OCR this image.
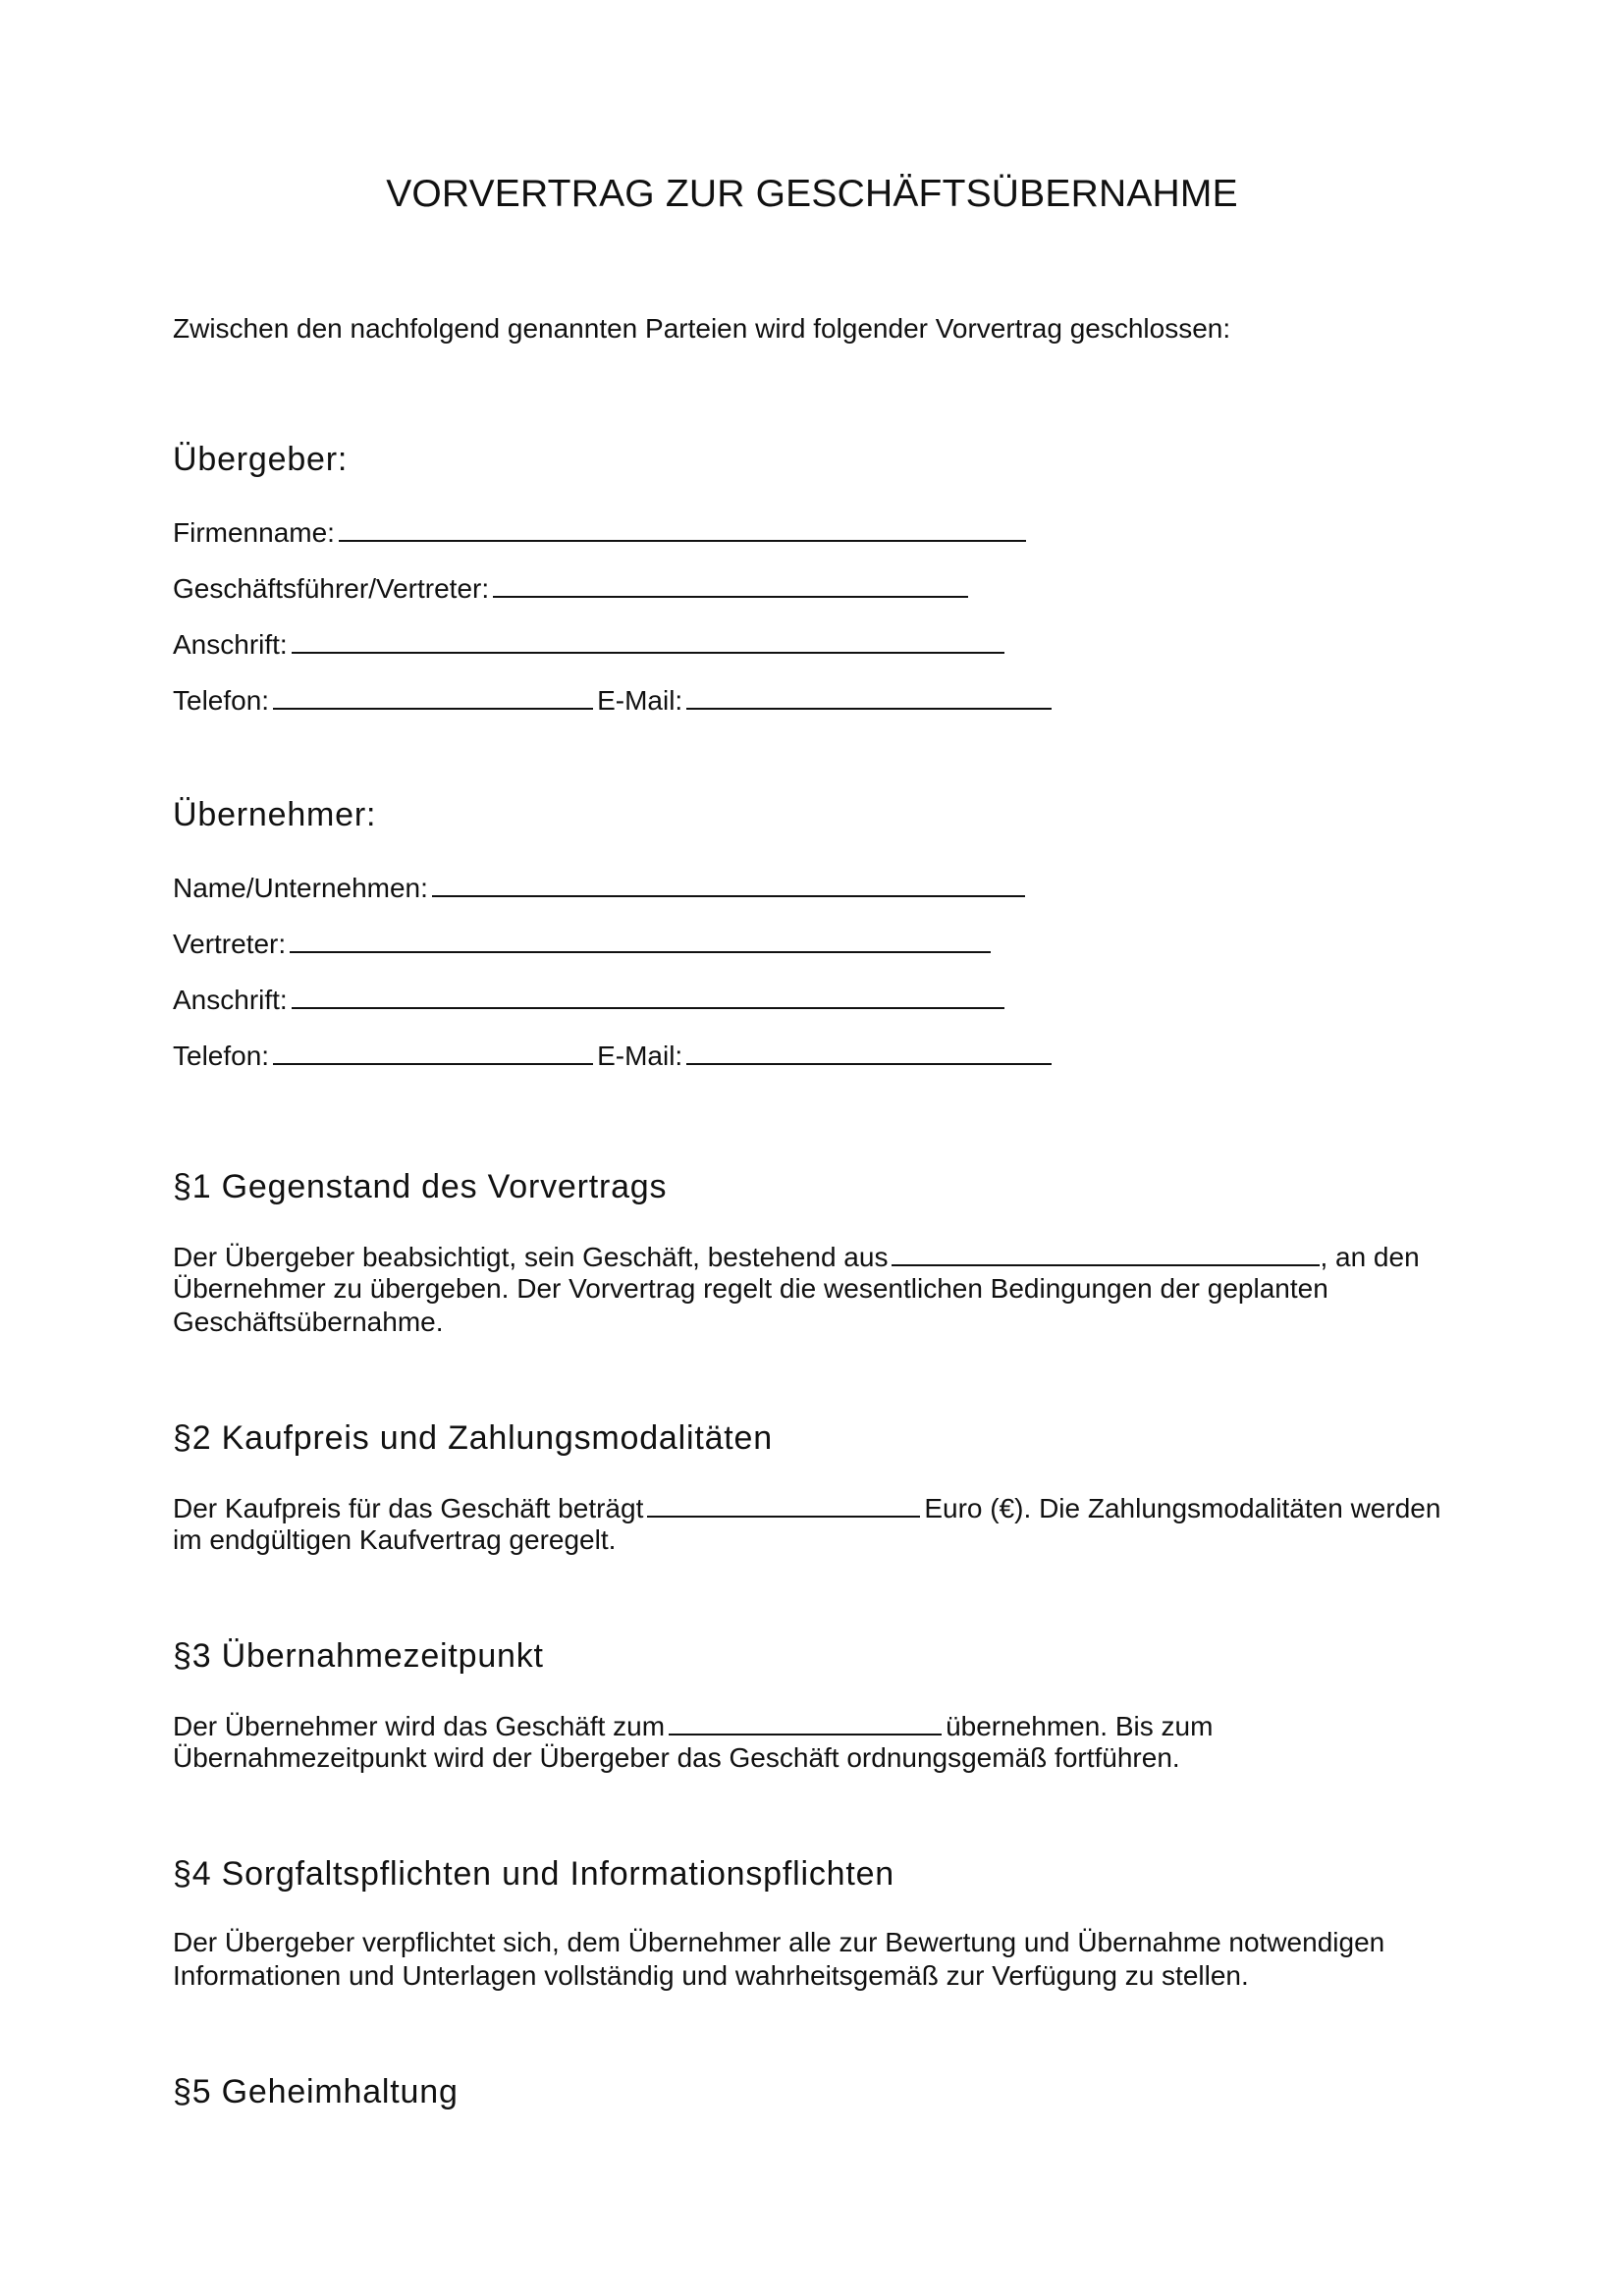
VORVERTRAG ZUR GESCHÄFTSÜBERNAHME
Zwischen den nachfolgend genannten Parteien wird folgender Vorvertrag geschlossen:
Übergeber:
Firmenname:
Geschäftsführer/Vertreter:
Anschrift:
Telefon:	E-Mail:
Übernehmer:
Name/Unternehmen:
Vertreter:
Anschrift:
Telefon:	E-Mail:
§1 Gegenstand des Vorvertrags
Der Übergeber beabsichtigt, sein Geschäft, bestehend aus	, an den
Übernehmer zu übergeben. Der Vorvertrag regelt die wesentlichen Bedingungen der geplanten
Geschäftsübernahme.
§2 Kaufpreis und Zahlungsmodalitäten
Der Kaufpreis für das Geschäft beträgt	Euro (€). Die Zahlungsmodalitäten werden
im endgültigen Kaufvertrag geregelt.
§3 Übernahmezeitpunkt
Der Übernehmer wird das Geschäft zum	übernehmen. Bis zum
Übernahmezeitpunkt wird der Übergeber das Geschäft ordnungsgemäß fortführen.
§4 Sorgfaltspflichten und Informationspflichten
Der Übergeber verpflichtet sich, dem Übernehmer alle zur Bewertung und Übernahme notwendigen
Informationen und Unterlagen vollständig und wahrheitsgemäß zur Verfügung zu stellen.
§5 Geheimhaltung
